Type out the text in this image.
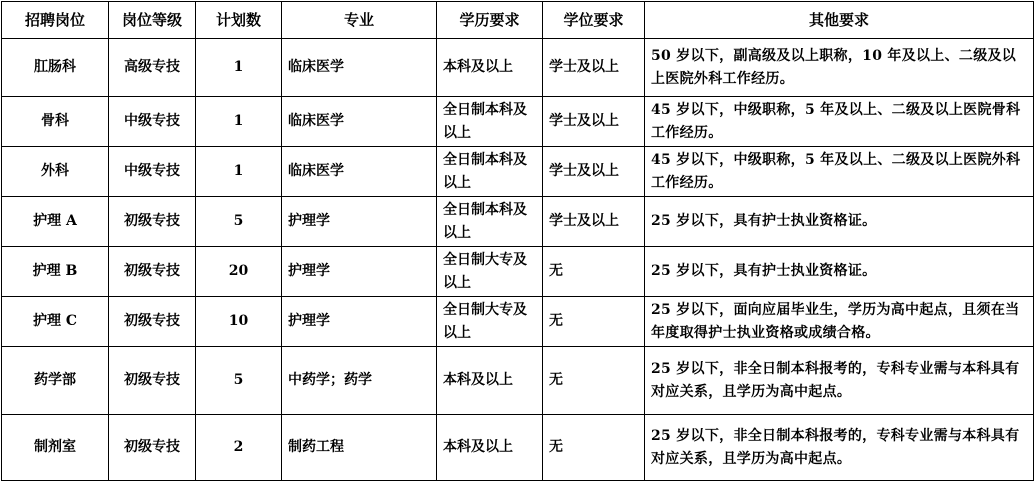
招聘岗位	岗位等级	计划数	专业	学历要求	学位要求	其他要求
肛肠科	高级专技	1	临床医学	本科及以上	学士及以上	50 岁以下，副高级及以上职称，10 年及以上、二级及以上医院外科工作经历。
骨科	中级专技	1	临床医学	全日制本科及以上	学士及以上	45 岁以下，中级职称，5 年及以上、二级及以上医院骨科工作经历。
外科	中级专技	1	临床医学	全日制本科及以上	学士及以上	45 岁以下，中级职称，5 年及以上、二级及以上医院外科工作经历。
护理 A	初级专技	5	护理学	全日制本科及以上	学士及以上	25 岁以下，具有护士执业资格证。
护理 B	初级专技	20	护理学	全日制大专及以上	无	25 岁以下，具有护士执业资格证。
护理 C	初级专技	10	护理学	全日制大专及以上	无	25 岁以下，面向应届毕业生，学历为高中起点，且须在当年度取得护士执业资格或成绩合格。
药学部	初级专技	5	中药学；药学	本科及以上	无	25 岁以下，非全日制本科报考的，专科专业需与本科具有对应关系，且学历为高中起点。
制剂室	初级专技	2	制药工程	本科及以上	无	25 岁以下，非全日制本科报考的，专科专业需与本科具有对应关系，且学历为高中起点。
